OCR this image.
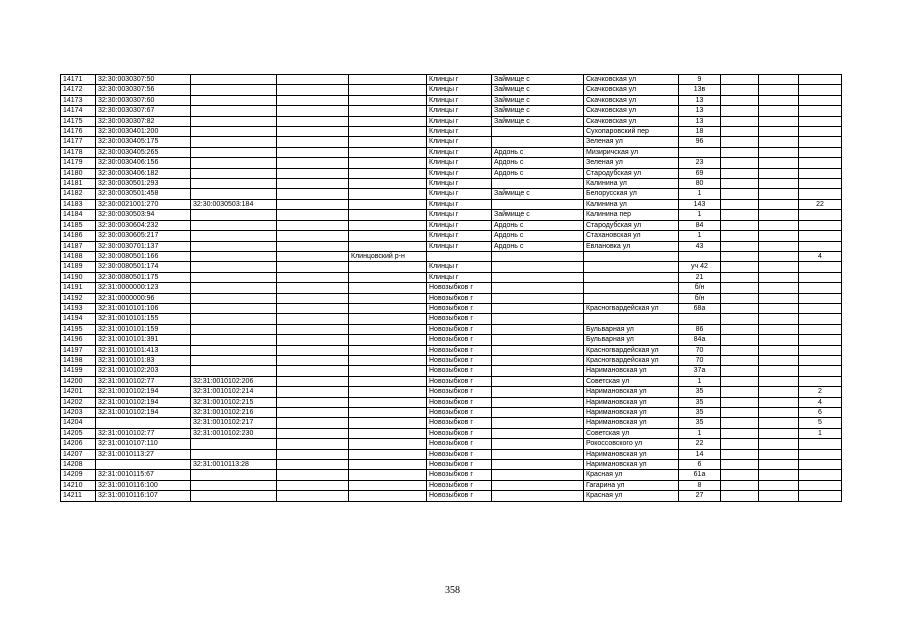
14171	32:30:0030307:50				Клинцы г	Займище с	Скачковская ул	9			
14172	32:30:0030307:56				Клинцы г	Займище с	Скачковская ул	13в			
14173	32:30:0030307:60				Клинцы г	Займище с	Скачковская ул	13			
14174	32:30:0030307:67				Клинцы г	Займище с	Скачковская ул	13			
14175	32:30:0030307:82				Клинцы г	Займище с	Скачковская ул	13			
14176	32:30:0030401:200				Клинцы г		Сухопаровский пер	18			
14177	32:30:0030405:175				Клинцы г		Зеленая ул	96			
14178	32:30:0030405:265				Клинцы г	Ардонь с	Мизиричская ул				
14179	32:30:0030406:156				Клинцы г	Ардонь с	Зеленая ул	23			
14180	32:30:0030406:182				Клинцы г	Ардонь с	Стародубская ул	69			
14181	32:30:0030501:293				Клинцы г		Калинина ул	80			
14182	32:30:0030501:458				Клинцы г	Займище с	Белорусская ул	1			
14183	32:30:0021001:270	32:30:0030503:184			Клинцы г		Калинина ул	143			22
14184	32:30:0030503:94				Клинцы г	Займище с	Калинина пер	1			
14185	32:30:0030604:232				Клинцы г	Ардонь с	Стародубская ул	84			
14186	32:30:0030605:217				Клинцы г	Ардонь с	Стахановская ул	1			
14187	32:30:0030701:137				Клинцы г	Ардонь с	Евлановка ул	43			
14188	32:30:0080501:166			Клинцовский р-н							4
14189	32:30:0080501:174				Клинцы г			уч 42			
14190	32:30:0080501:175				Клинцы г			21			
14191	32:31:0000000:123				Новозыбков г			б/н			
14192	32:31:0000000:96				Новозыбков г			б/н			
14193	32:31:0010101:106				Новозыбков г		Красногвардейская ул	68а			
14194	32:31:0010101:155				Новозыбков г						
14195	32:31:0010101:159				Новозыбков г		Бульварная ул	86			
14196	32:31:0010101:391				Новозыбков г		Бульварная ул	84а			
14197	32:31:0010101:413				Новозыбков г		Красногвардейская ул	70			
14198	32:31:0010101:83				Новозыбков г		Красногвардейская ул	70			
14199	32:31:0010102:203				Новозыбков г		Наримановская ул	37а			
14200	32:31:0010102:77	32:31:0010102:206			Новозыбков г		Советская ул	1			
14201	32:31:0010102:194	32:31:0010102:214			Новозыбков г		Наримановская ул	35			2
14202	32:31:0010102:194	32:31:0010102:215			Новозыбков г		Наримановская ул	35			4
14203	32:31:0010102:194	32:31:0010102:216			Новозыбков г		Наримановская ул	35			6
14204		32:31:0010102:217			Новозыбков г		Наримановская ул	35			5
14205	32:31:0010102:77	32:31:0010102:230			Новозыбков г		Советская ул	1			1
14206	32:31:0010107:110				Новозыбков г		Рокоссовского ул	22			
14207	32:31:0010113:27				Новозыбков г		Наримановская ул	14			
14208		32:31:0010113:28			Новозыбков г		Наримановская ул	6			
14209	32:31:0010115:67				Новозыбков г		Красная ул	61а			
14210	32:31:0010116:100				Новозыбков г		Гагарина ул	8			
14211	32:31:0010116:107				Новозыбков г		Красная ул	27			
358
